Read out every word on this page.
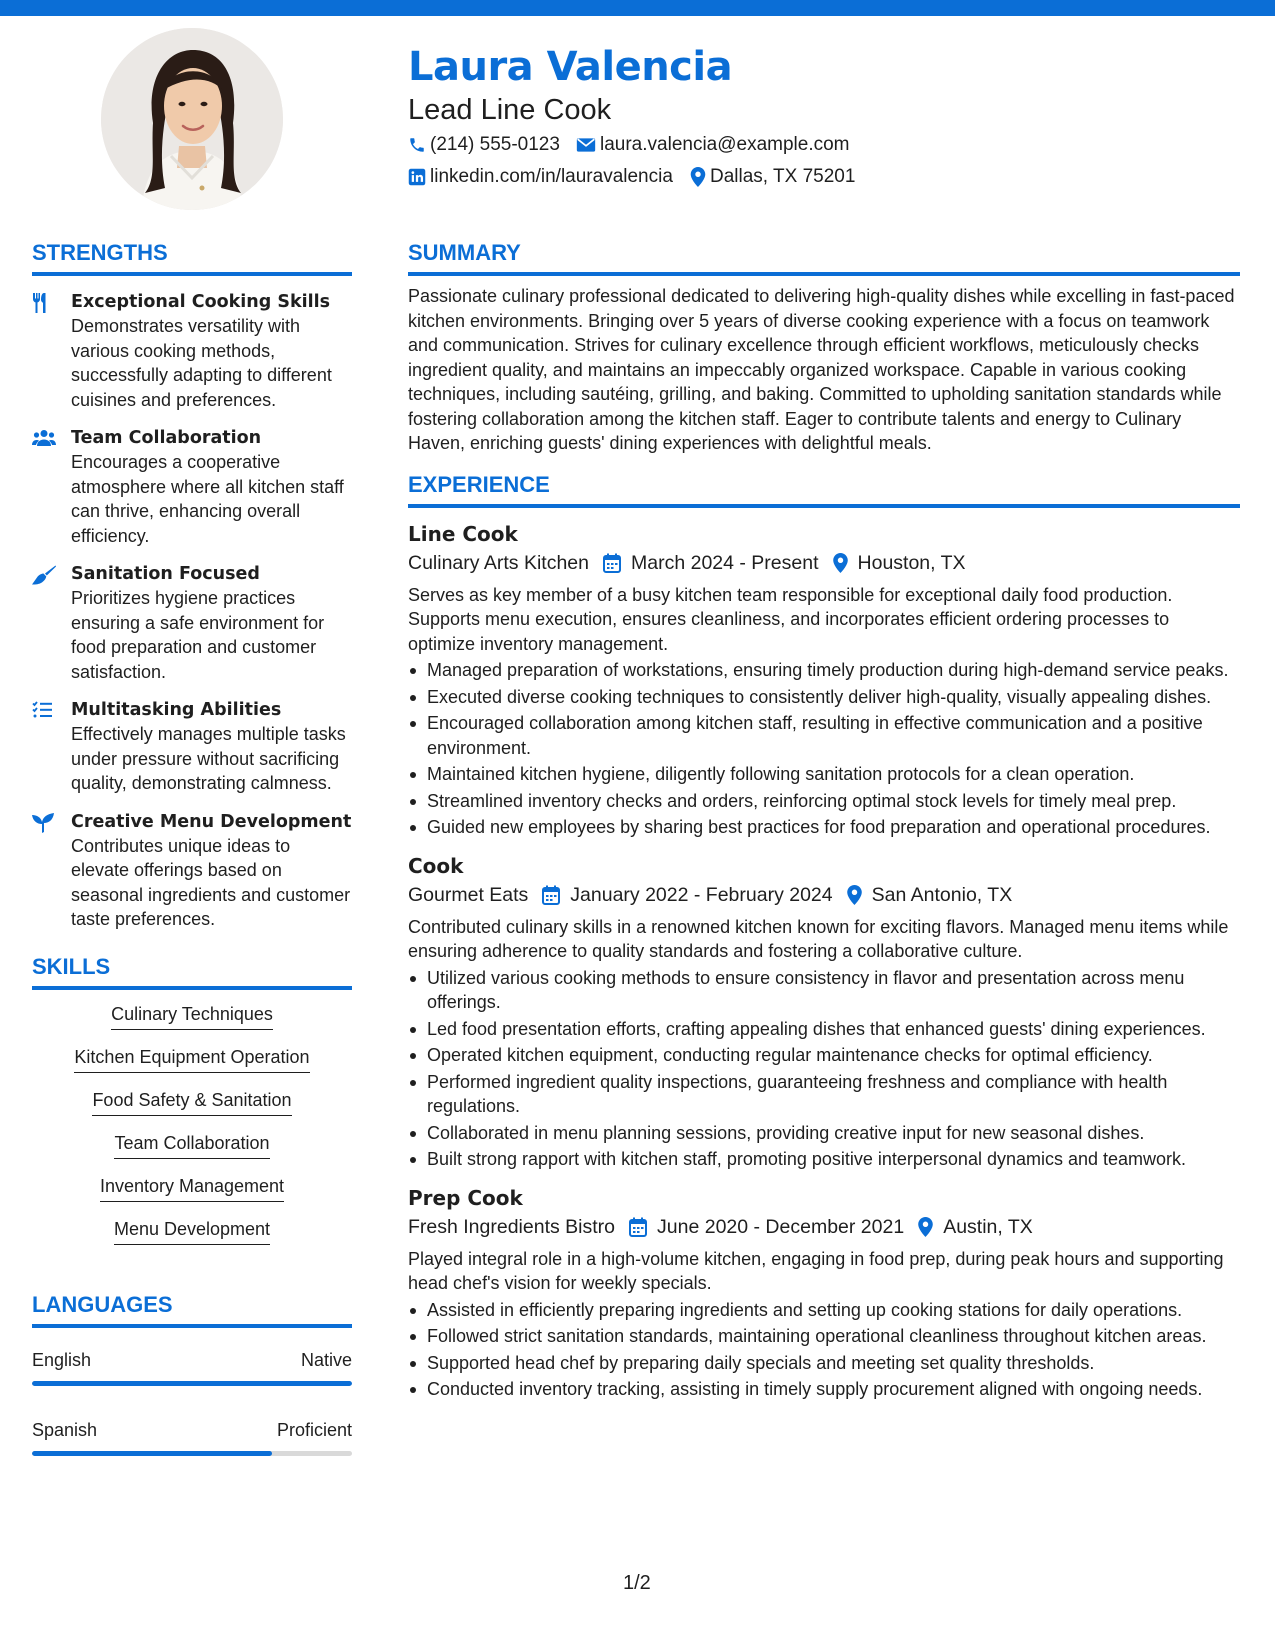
Laura Valencia
Lead Line Cook
(214) 555-0123 laura.valencia@example.com
linkedin.com/in/lauravalencia Dallas, TX 75201
STRENGTHS
Exceptional Cooking Skills
Demonstrates versatility with various cooking methods, successfully adapting to different cuisines and preferences.
Team Collaboration
Encourages a cooperative atmosphere where all kitchen staff can thrive, enhancing overall efficiency.
Sanitation Focused
Prioritizes hygiene practices ensuring a safe environment for food preparation and customer satisfaction.
Multitasking Abilities
Effectively manages multiple tasks under pressure without sacrificing quality, demonstrating calmness.
Creative Menu Development
Contributes unique ideas to elevate offerings based on seasonal ingredients and customer taste preferences.
SKILLS
Culinary Techniques
Kitchen Equipment Operation
Food Safety & Sanitation
Team Collaboration
Inventory Management
Menu Development
LANGUAGES
English	Native
Spanish	Proficient
SUMMARY
Passionate culinary professional dedicated to delivering high-quality dishes while excelling in fast-paced kitchen environments. Bringing over 5 years of diverse cooking experience with a focus on teamwork and communication. Strives for culinary excellence through efficient workflows, meticulously checks ingredient quality, and maintains an impeccably organized workspace. Capable in various cooking techniques, including sautéing, grilling, and baking. Committed to upholding sanitation standards while fostering collaboration among the kitchen staff. Eager to contribute talents and energy to Culinary Haven, enriching guests' dining experiences with delightful meals.
EXPERIENCE
Line Cook
Culinary Arts Kitchen March 2024 - Present Houston, TX
Serves as key member of a busy kitchen team responsible for exceptional daily food production. Supports menu execution, ensures cleanliness, and incorporates efficient ordering processes to optimize inventory management.
Managed preparation of workstations, ensuring timely production during high-demand service peaks.
Executed diverse cooking techniques to consistently deliver high-quality, visually appealing dishes.
Encouraged collaboration among kitchen staff, resulting in effective communication and a positive environment.
Maintained kitchen hygiene, diligently following sanitation protocols for a clean operation.
Streamlined inventory checks and orders, reinforcing optimal stock levels for timely meal prep.
Guided new employees by sharing best practices for food preparation and operational procedures.
Cook
Gourmet Eats January 2022 - February 2024 San Antonio, TX
Contributed culinary skills in a renowned kitchen known for exciting flavors. Managed menu items while ensuring adherence to quality standards and fostering a collaborative culture.
Utilized various cooking methods to ensure consistency in flavor and presentation across menu offerings.
Led food presentation efforts, crafting appealing dishes that enhanced guests' dining experiences.
Operated kitchen equipment, conducting regular maintenance checks for optimal efficiency.
Performed ingredient quality inspections, guaranteeing freshness and compliance with health regulations.
Collaborated in menu planning sessions, providing creative input for new seasonal dishes.
Built strong rapport with kitchen staff, promoting positive interpersonal dynamics and teamwork.
Prep Cook
Fresh Ingredients Bistro June 2020 - December 2021 Austin, TX
Played integral role in a high-volume kitchen, engaging in food prep, during peak hours and supporting head chef's vision for weekly specials.
Assisted in efficiently preparing ingredients and setting up cooking stations for daily operations.
Followed strict sanitation standards, maintaining operational cleanliness throughout kitchen areas.
Supported head chef by preparing daily specials and meeting set quality thresholds.
Conducted inventory tracking, assisting in timely supply procurement aligned with ongoing needs.
1/2
